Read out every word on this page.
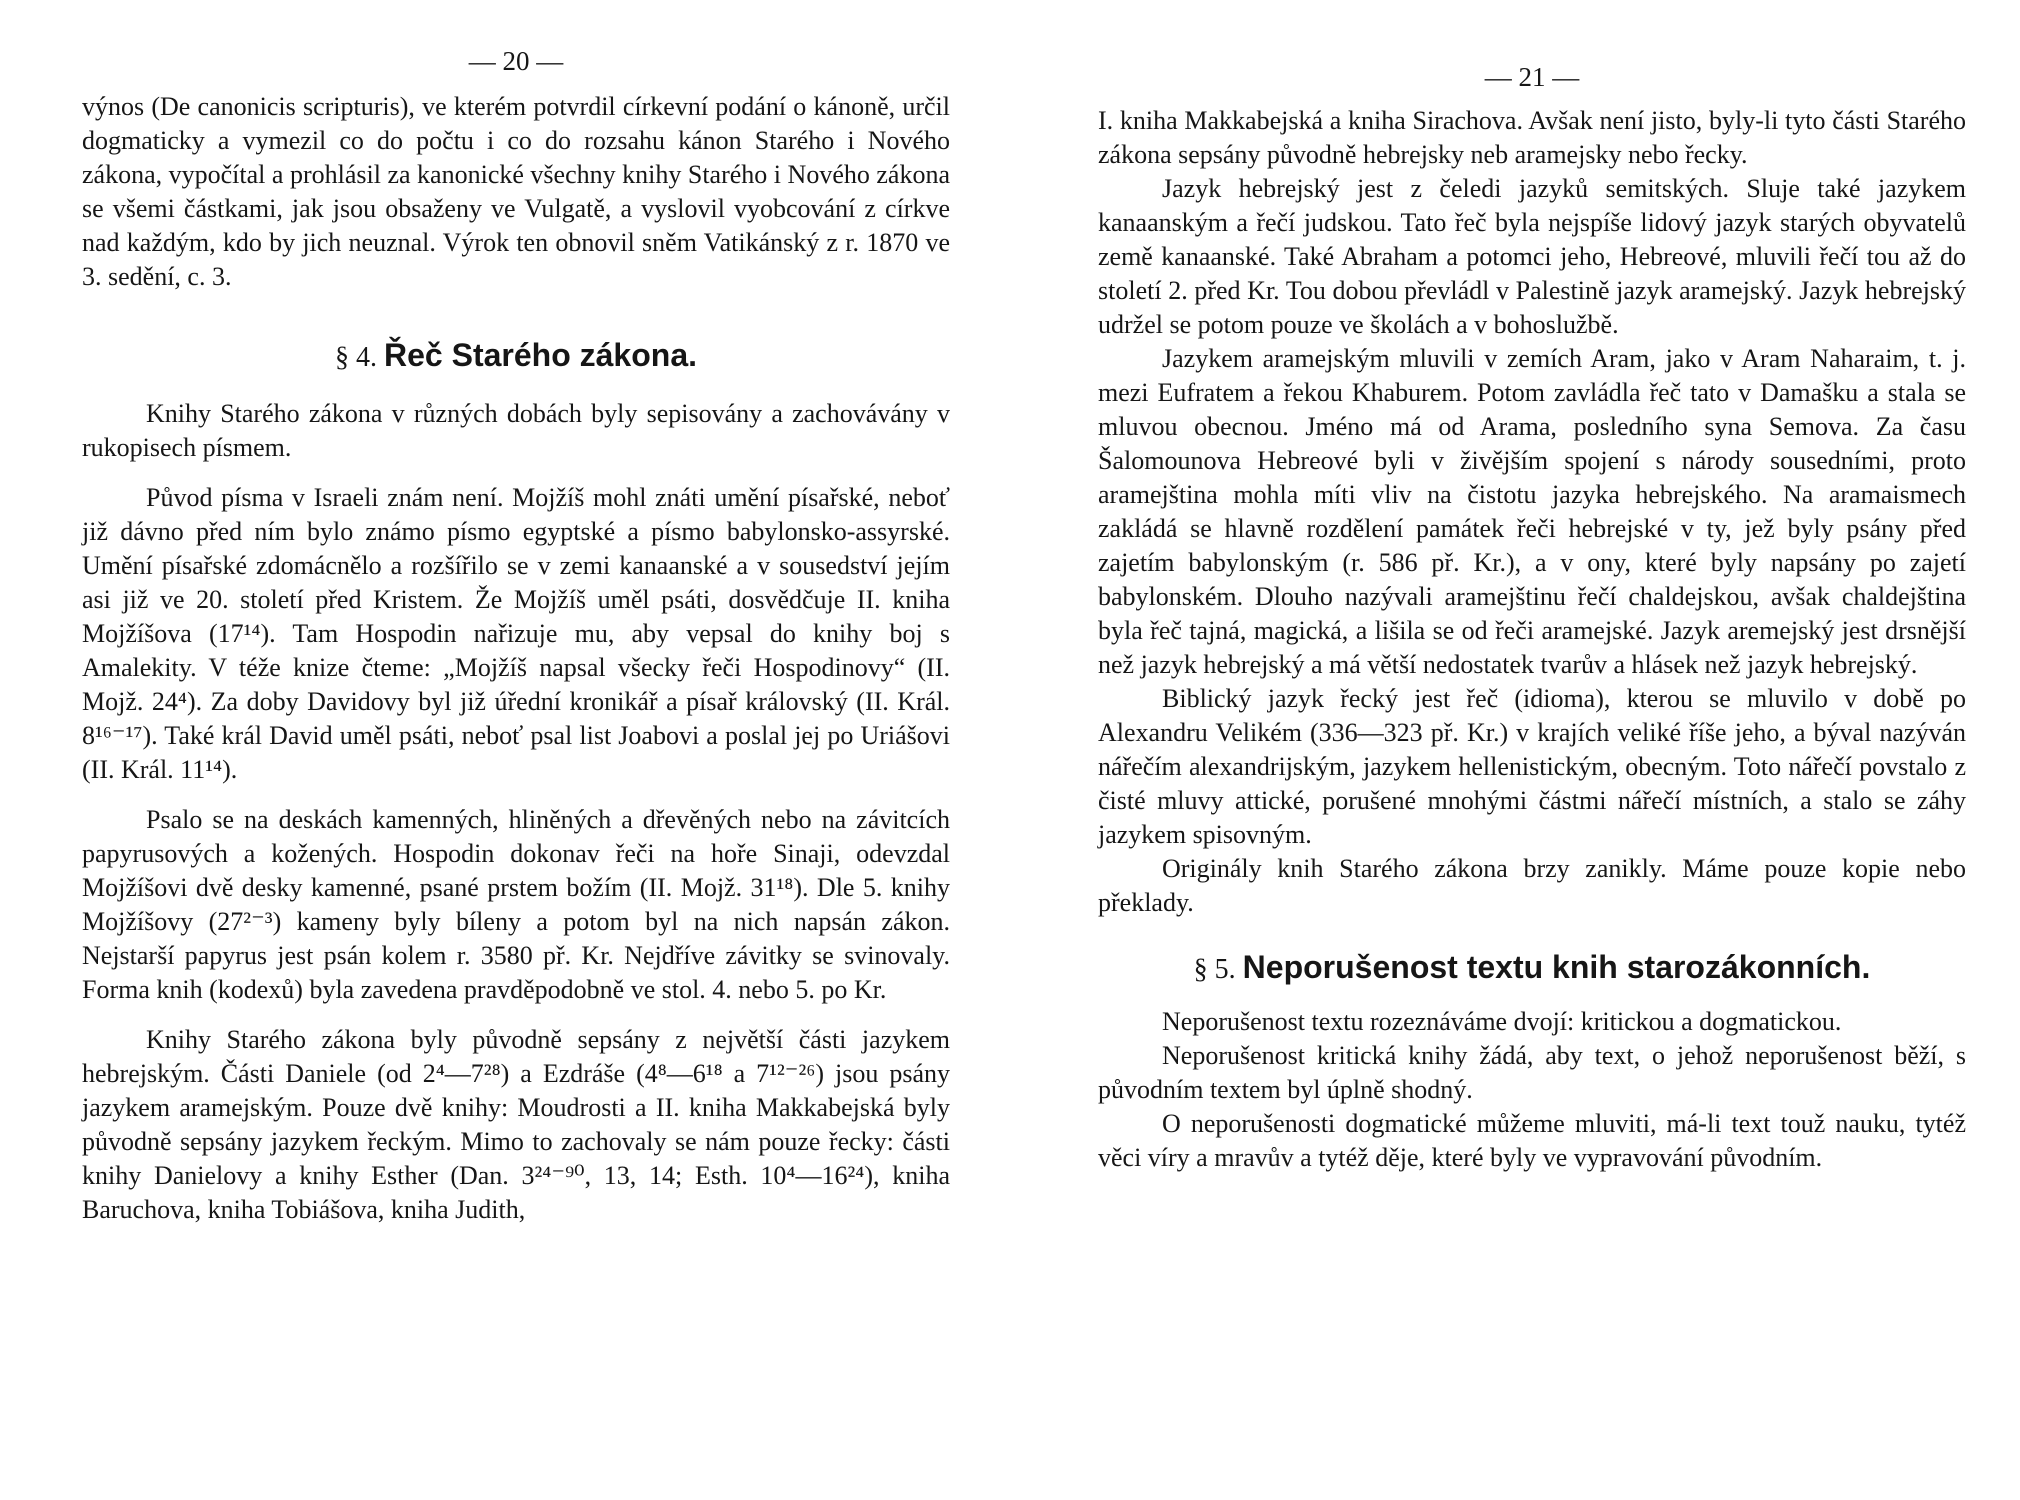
— 20 —

výnos (De canonicis scripturis), ve kterém potvrdil církevní podání o kánoně, určil dogmaticky a vymezil co do počtu i co do rozsahu kánon Starého i Nového zákona, vypočítal a prohlásil za kanonické všechny knihy Starého i Nového zákona se všemi částkami, jak jsou obsaženy ve Vulgatě, a vyslovil vyobcování z církve nad každým, kdo by jich neuznal. Výrok ten obnovil sněm Vatikánský z r. 1870 ve 3. sedění, c. 3.

§ 4. Řeč Starého zákona.

Knihy Starého zákona v různých dobách byly sepisovány a zachovávány v rukopisech písmem.

Původ písma v Israeli znám není. Mojžíš mohl znáti umění písařské, neboť již dávno před ním bylo známo písmo egyptské a písmo babylonsko-assyrské. Umění písařské zdomácnělo a rozšířilo se v zemi kanaanské a v sousedství jejím asi již ve 20. století před Kristem. Že Mojžíš uměl psáti, dosvědčuje II. kniha Mojžíšova (17¹⁴). Tam Hospodin nařizuje mu, aby vepsal do knihy boj s Amalekity. V téže knize čteme: „Mojžíš napsal všecky řeči Hospodinovy“ (II. Mojž. 24⁴). Za doby Davidovy byl již úřední kronikář a písař královský (II. Král. 8¹⁶⁻¹⁷). Také král David uměl psáti, neboť psal list Joabovi a poslal jej po Uriášovi (II. Král. 11¹⁴).

Psalo se na deskách kamenných, hliněných a dřevěných nebo na závitcích papyrusových a kožených. Hospodin dokonav řeči na hoře Sinaji, odevzdal Mojžíšovi dvě desky kamenné, psané prstem božím (II. Mojž. 31¹⁸). Dle 5. knihy Mojžíšovy (27²⁻³) kameny byly bíleny a potom byl na nich napsán zákon. Nejstarší papyrus jest psán kolem r. 3580 př. Kr. Nejdříve závitky se svinovaly. Forma knih (kodexů) byla zavedena pravděpodobně ve stol. 4. nebo 5. po Kr.

Knihy Starého zákona byly původně sepsány z největší části jazykem hebrejským. Části Daniele (od 2⁴—7²⁸) a Ezdráše (4⁸—6¹⁸ a 7¹²⁻²⁶) jsou psány jazykem aramejským. Pouze dvě knihy: Moudrosti a II. kniha Makkabejská byly původně sepsány jazykem řeckým. Mimo to zachovaly se nám pouze řecky: části knihy Danielovy a knihy Esther (Dan. 3²⁴⁻⁹⁰, 13, 14; Esth. 10⁴—16²⁴), kniha Baruchova, kniha Tobiášova, kniha Judith,

— 21 —

I. kniha Makkabejská a kniha Sirachova. Avšak není jisto, byly-li tyto části Starého zákona sepsány původně hebrejsky neb aramejsky nebo řecky.

Jazyk hebrejský jest z čeledi jazyků semitských. Sluje také jazykem kanaanským a řečí judskou. Tato řeč byla nejspíše lidový jazyk starých obyvatelů země kanaanské. Také Abraham a potomci jeho, Hebreové, mluvili řečí tou až do století 2. před Kr. Tou dobou převládl v Palestině jazyk aramejský. Jazyk hebrejský udržel se potom pouze ve školách a v bohoslužbě.

Jazykem aramejským mluvili v zemích Aram, jako v Aram Naharaim, t. j. mezi Eufratem a řekou Khaburem. Potom zavládla řeč tato v Damašku a stala se mluvou obecnou. Jméno má od Arama, posledního syna Semova. Za času Šalomounova Hebreové byli v živějším spojení s národy sousedními, proto aramejština mohla míti vliv na čistotu jazyka hebrejského. Na aramaismech zakládá se hlavně rozdělení památek řeči hebrejské v ty, jež byly psány před zajetím babylonským (r. 586 př. Kr.), a v ony, které byly napsány po zajetí babylonském. Dlouho nazývali aramejštinu řečí chaldejskou, avšak chaldejština byla řeč tajná, magická, a lišila se od řeči aramejské. Jazyk aremejský jest drsnější než jazyk hebrejský a má větší nedostatek tvarův a hlásek než jazyk hebrejský.

Biblický jazyk řecký jest řeč (idioma), kterou se mluvilo v době po Alexandru Velikém (336—323 př. Kr.) v krajích veliké říše jeho, a býval nazýván nářečím alexandrijským, jazykem hellenistickým, obecným. Toto nářečí povstalo z čisté mluvy attické, porušené mnohými částmi nářečí místních, a stalo se záhy jazykem spisovným.

Originály knih Starého zákona brzy zanikly. Máme pouze kopie nebo překlady.

§ 5. Neporušenost textu knih starozákonních.

Neporušenost textu rozeznáváme dvojí: kritickou a dogmatickou.

Neporušenost kritická knihy žádá, aby text, o jehož neporušenost běží, s původním textem byl úplně shodný.

O neporušenosti dogmatické můžeme mluviti, má-li text touž nauku, tytéž věci víry a mravův a tytéž děje, které byly ve vypravování původním.
